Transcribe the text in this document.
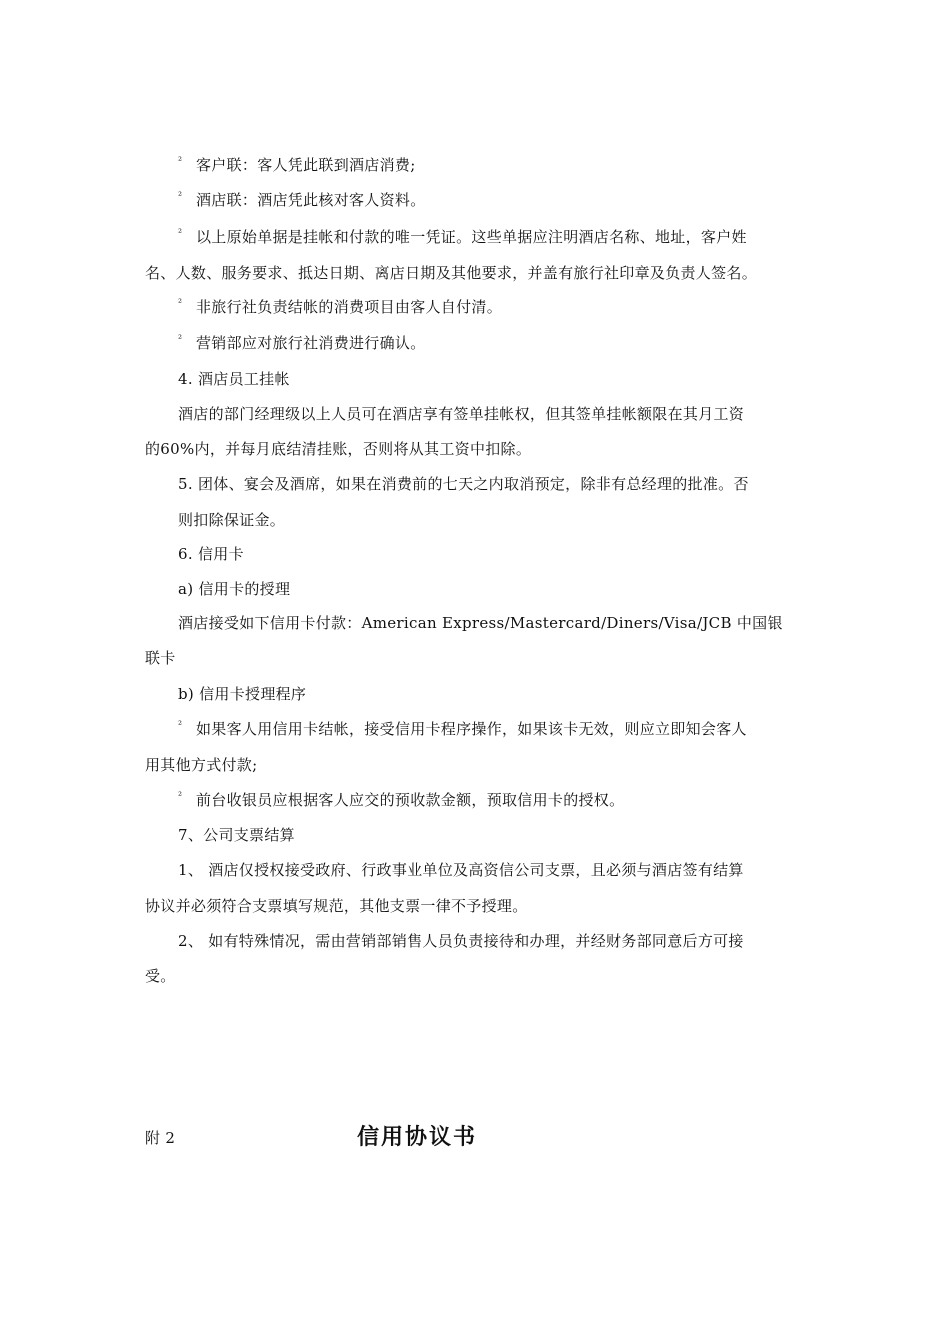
² 客户联：客人凭此联到酒店消费;
² 酒店联：酒店凭此核对客人资料。
² 以上原始单据是挂帐和付款的唯一凭证。这些单据应注明酒店名称、地址，客户姓
名、人数、服务要求、抵达日期、离店日期及其他要求，并盖有旅行社印章及负责人签名。
² 非旅行社负责结帐的消费项目由客人自付清。
² 营销部应对旅行社消费进行确认。
4. 酒店员工挂帐
酒店的部门经理级以上人员可在酒店享有签单挂帐权，但其签单挂帐额限在其月工资
的60%内，并每月底结清挂账，否则将从其工资中扣除。
5. 团体、宴会及酒席，如果在消费前的七天之内取消预定，除非有总经理的批准。否
则扣除保证金。
6. 信用卡
a) 信用卡的授理
酒店接受如下信用卡付款：American Express/Mastercard/Diners/Visa/JCB 中国银
联卡
b) 信用卡授理程序
² 如果客人用信用卡结帐，接受信用卡程序操作，如果该卡无效，则应立即知会客人
用其他方式付款;
² 前台收银员应根据客人应交的预收款金额，预取信用卡的授权。
7、公司支票结算
1、 酒店仅授权接受政府、行政事业单位及高资信公司支票，且必须与酒店签有结算
协议并必须符合支票填写规范，其他支票一律不予授理。
2、 如有特殊情况，需由营销部销售人员负责接待和办理，并经财务部同意后方可接
受。
附 2	信用协议书
